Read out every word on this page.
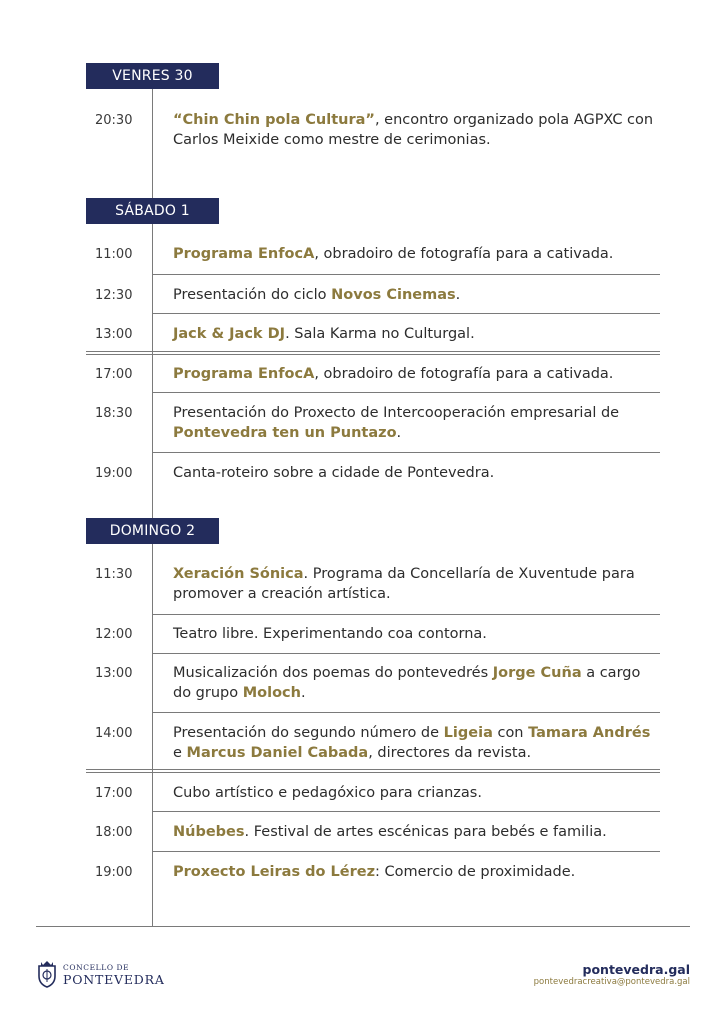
VENRES 30
20:30	“Chin Chin pola Cultura”, encontro organizado pola AGPXC con Carlos Meixide como mestre de cerimonias.
SÁBADO 1
11:00	Programa EnfocA, obradoiro de fotografía para a cativada.
12:30	Presentación do ciclo Novos Cinemas.
13:00	Jack & Jack DJ. Sala Karma no Culturgal.
17:00	Programa EnfocA, obradoiro de fotografía para a cativada.
18:30	Presentación do Proxecto de Intercooperación empresarial de Pontevedra ten un Puntazo.
19:00	Canta-roteiro sobre a cidade de Pontevedra.
DOMINGO 2
11:30	Xeración Sónica. Programa da Concellaría de Xuventude para promover a creación artística.
12:00	Teatro libre. Experimentando coa contorna.
13:00	Musicalización dos poemas do pontevedrés Jorge Cuña a cargo do grupo Moloch.
14:00	Presentación do segundo número de Ligeia con Tamara Andrés e Marcus Daniel Cabada, directores da revista.
17:00	Cubo artístico e pedagóxico para crianzas.
18:00	Núbebes. Festival de artes escénicas para bebés e familia.
19:00	Proxecto Leiras do Lérez: Comercio de proximidade.
CONCELLO DE
PONTEVEDRA
pontevedra.gal
pontevedracreativa@pontevedra.gal
